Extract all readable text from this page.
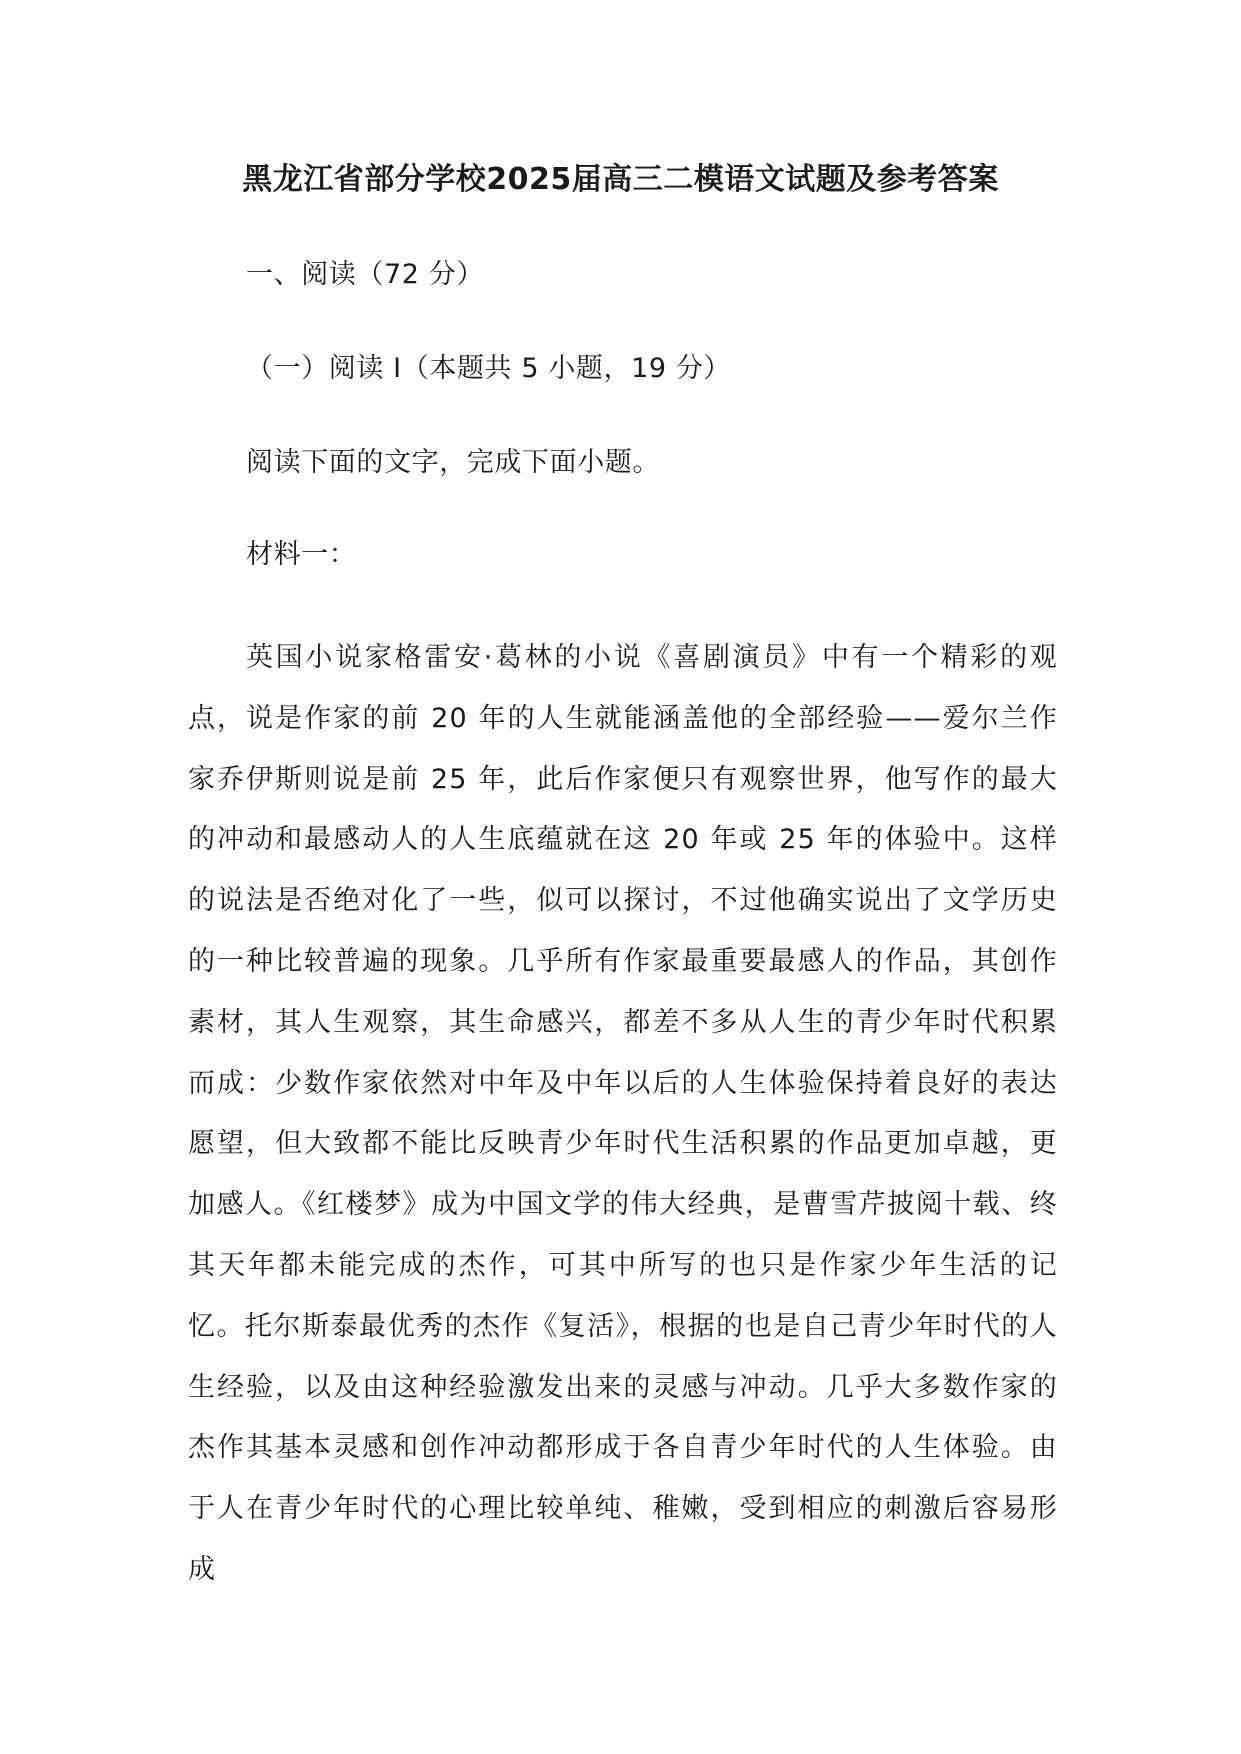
黑龙江省部分学校2025届高三二模语文试题及参考答案
一、阅读（72 分）
（一）阅读 I（本题共 5 小题，19 分）
阅读下面的文字，完成下面小题。
材料一：
英国小说家格雷安·葛林的小说《喜剧演员》中有一个精彩的观点，说是作家的前 20 年的人生就能涵盖他的全部经验——爱尔兰作家乔伊斯则说是前 25 年，此后作家便只有观察世界，他写作的最大的冲动和最感动人的人生底蕴就在这 20 年或 25 年的体验中。这样的说法是否绝对化了一些，似可以探讨，不过他确实说出了文学历史的一种比较普遍的现象。几乎所有作家最重要最感人的作品，其创作素材，其人生观察，其生命感兴，都差不多从人生的青少年时代积累而成：少数作家依然对中年及中年以后的人生体验保持着良好的表达愿望，但大致都不能比反映青少年时代生活积累的作品更加卓越，更加感人。《红楼梦》成为中国文学的伟大经典，是曹雪芹披阅十载、终其天年都未能完成的杰作，可其中所写的也只是作家少年生活的记忆。托尔斯泰最优秀的杰作《复活》，根据的也是自己青少年时代的人生经验，以及由这种经验激发出来的灵感与冲动。几乎大多数作家的杰作其基本灵感和创作冲动都形成于各自青少年时代的人生体验。由于人在青少年时代的心理比较单纯、稚嫩，受到相应的刺激后容易形成
